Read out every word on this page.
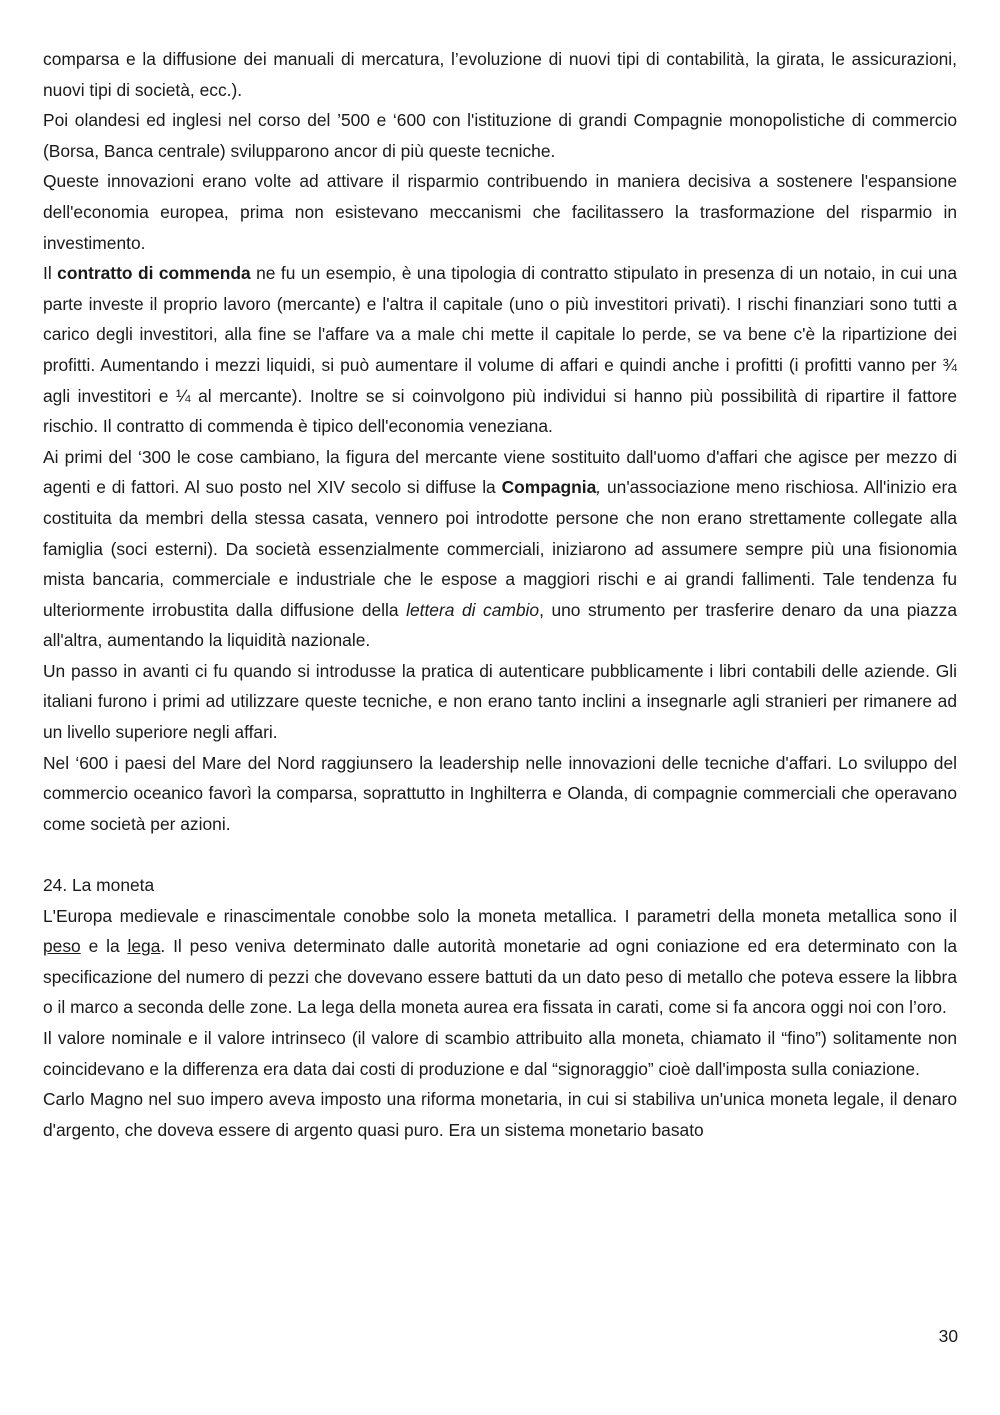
comparsa e la diffusione dei manuali di mercatura, l’evoluzione di nuovi tipi di contabilità, la girata, le assicurazioni, nuovi tipi di società, ecc.).

Poi olandesi ed inglesi nel corso del ’500 e ‘600 con l'istituzione di grandi Compagnie monopolistiche di commercio (Borsa, Banca centrale) svilupparono ancor di più queste tecniche.

Queste innovazioni erano volte ad attivare il risparmio contribuendo in maniera decisiva a sostenere l'espansione dell'economia europea, prima non esistevano meccanismi che facilitassero la trasformazione del risparmio in investimento.

Il contratto di commenda ne fu un esempio, è una tipologia di contratto stipulato in presenza di un notaio, in cui una parte investe il proprio lavoro (mercante) e l'altra il capitale (uno o più investitori privati). I rischi finanziari sono tutti a carico degli investitori, alla fine se l'affare va a male chi mette il capitale lo perde, se va bene c'è la ripartizione dei profitti. Aumentando i mezzi liquidi, si può aumentare il volume di affari e quindi anche i profitti (i profitti vanno per ¾ agli investitori e ¼ al mercante). Inoltre se si coinvolgono più individui si hanno più possibilità di ripartire il fattore rischio. Il contratto di commenda è tipico dell'economia veneziana.

Ai primi del ‘300 le cose cambiano, la figura del mercante viene sostituito dall'uomo d'affari che agisce per mezzo di agenti e di fattori. Al suo posto nel XIV secolo si diffuse la Compagnia, un'associazione meno rischiosa. All'inizio era costituita da membri della stessa casata, vennero poi introdotte persone che non erano strettamente collegate alla famiglia (soci esterni). Da società essenzialmente commerciali, iniziarono ad assumere sempre più una fisionomia mista bancaria, commerciale e industriale che le espose a maggiori rischi e ai grandi fallimenti. Tale tendenza fu ulteriormente irrobustita dalla diffusione della lettera di cambio, uno strumento per trasferire denaro da una piazza all'altra, aumentando la liquidità nazionale.

Un passo in avanti ci fu quando si introdusse la pratica di autenticare pubblicamente i libri contabili delle aziende. Gli italiani furono i primi ad utilizzare queste tecniche, e non erano tanto inclini a insegnarle agli stranieri per rimanere ad un livello superiore negli affari.

Nel ‘600 i paesi del Mare del Nord raggiunsero la leadership nelle innovazioni delle tecniche d'affari. Lo sviluppo del commercio oceanico favorì la comparsa, soprattutto in Inghilterra e Olanda, di compagnie commerciali che operavano come società per azioni.

24. La moneta

L'Europa medievale e rinascimentale conobbe solo la moneta metallica. I parametri della moneta metallica sono il peso e la lega. Il peso veniva determinato dalle autorità monetarie ad ogni coniazione ed era determinato con la specificazione del numero di pezzi che dovevano essere battuti da un dato peso di metallo che poteva essere la libbra o il marco a seconda delle zone. La lega della moneta aurea era fissata in carati, come si fa ancora oggi noi con l’oro.

Il valore nominale e il valore intrinseco (il valore di scambio attribuito alla moneta, chiamato il “fino”) solitamente non coincidevano e la differenza era data dai costi di produzione e dal “signoraggio” cioè dall'imposta sulla coniazione.

Carlo Magno nel suo impero aveva imposto una riforma monetaria, in cui si stabiliva un'unica moneta legale, il denaro d'argento, che doveva essere di argento quasi puro. Era un sistema monetario basato

30
